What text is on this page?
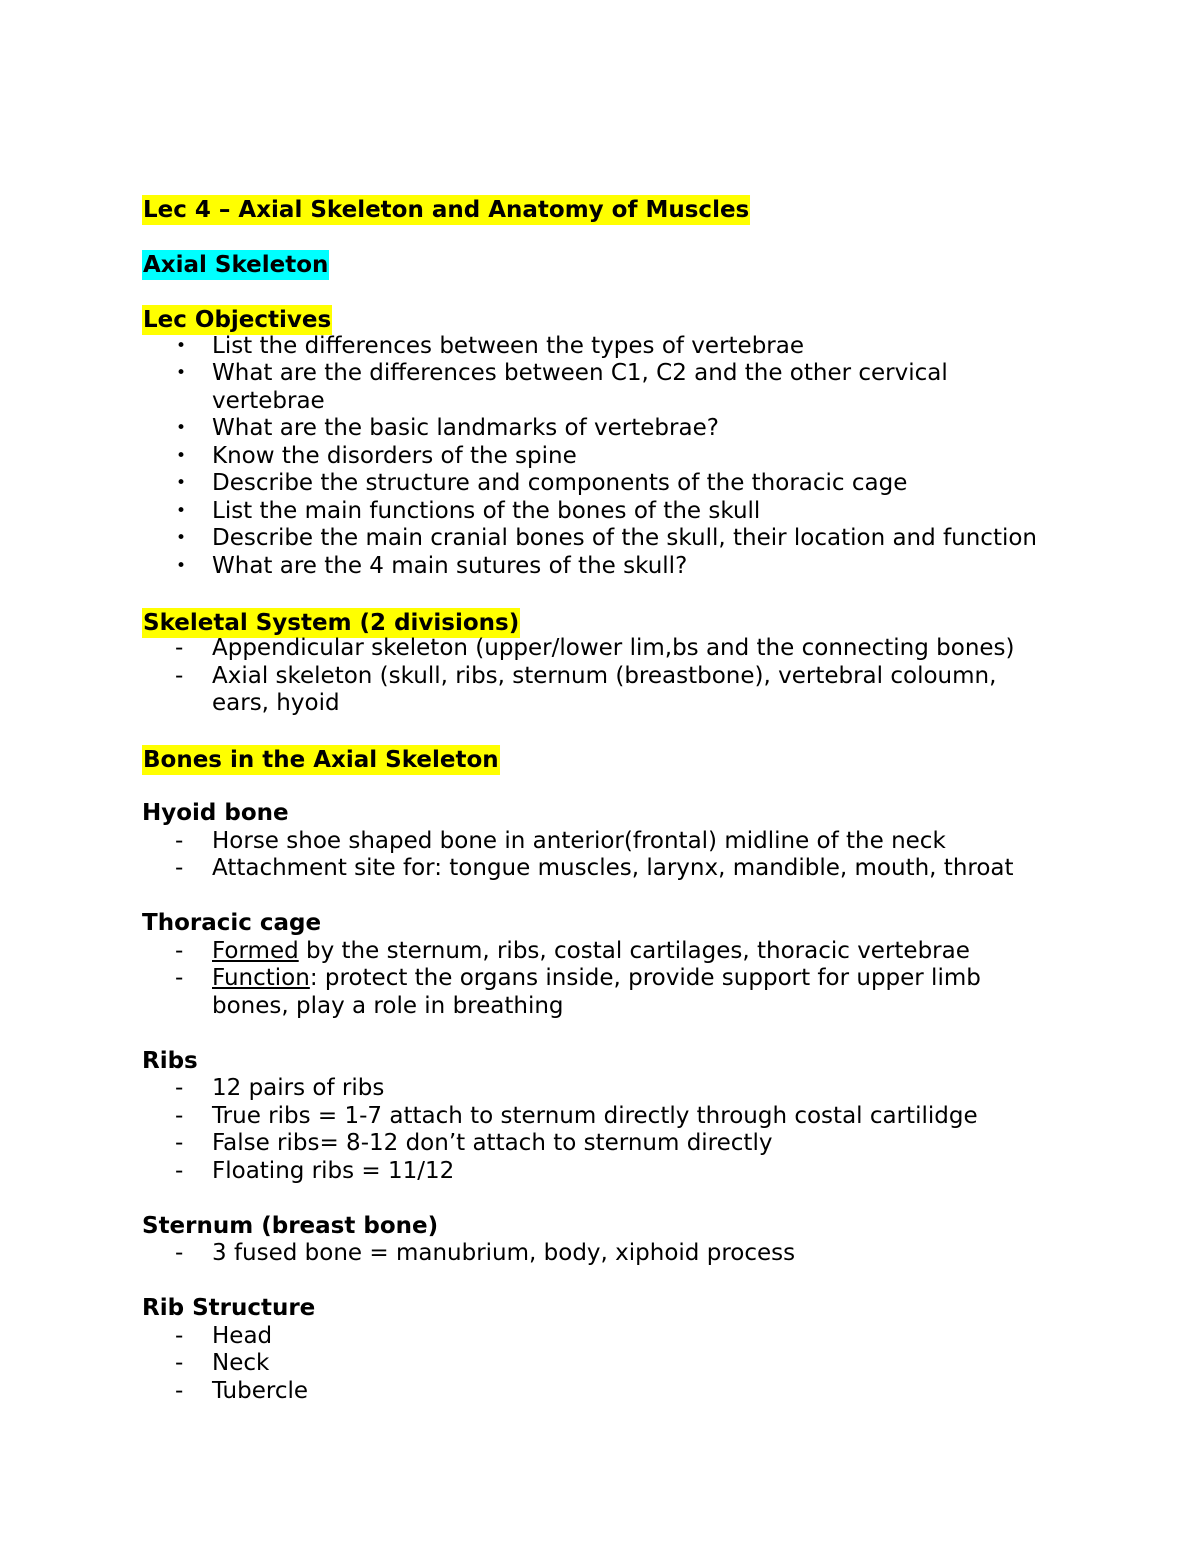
Lec 4 – Axial Skeleton and Anatomy of Muscles
Axial Skeleton
Lec Objectives
• List the differences between the types of vertebrae
• What are the differences between C1, C2 and the other cervical
vertebrae
• What are the basic landmarks of vertebrae?
• Know the disorders of the spine
• Describe the structure and components of the thoracic cage
• List the main functions of the bones of the skull
• Describe the main cranial bones of the skull, their location and function
• What are the 4 main sutures of the skull?
Skeletal System (2 divisions)
- Appendicular skeleton (upper/lower lim,bs and the connecting bones)
- Axial skeleton (skull, ribs, sternum (breastbone), vertebral coloumn,
ears, hyoid
Bones in the Axial Skeleton
Hyoid bone
- Horse shoe shaped bone in anterior(frontal) midline of the neck
- Attachment site for: tongue muscles, larynx, mandible, mouth, throat
Thoracic cage
- Formed by the sternum, ribs, costal cartilages, thoracic vertebrae
- Function: protect the organs inside, provide support for upper limb
bones, play a role in breathing
Ribs
- 12 pairs of ribs
- True ribs = 1-7 attach to sternum directly through costal cartilidge
- False ribs= 8-12 don’t attach to sternum directly
- Floating ribs = 11/12
Sternum (breast bone)
- 3 fused bone = manubrium, body, xiphoid process
Rib Structure
- Head
- Neck
- Tubercle
